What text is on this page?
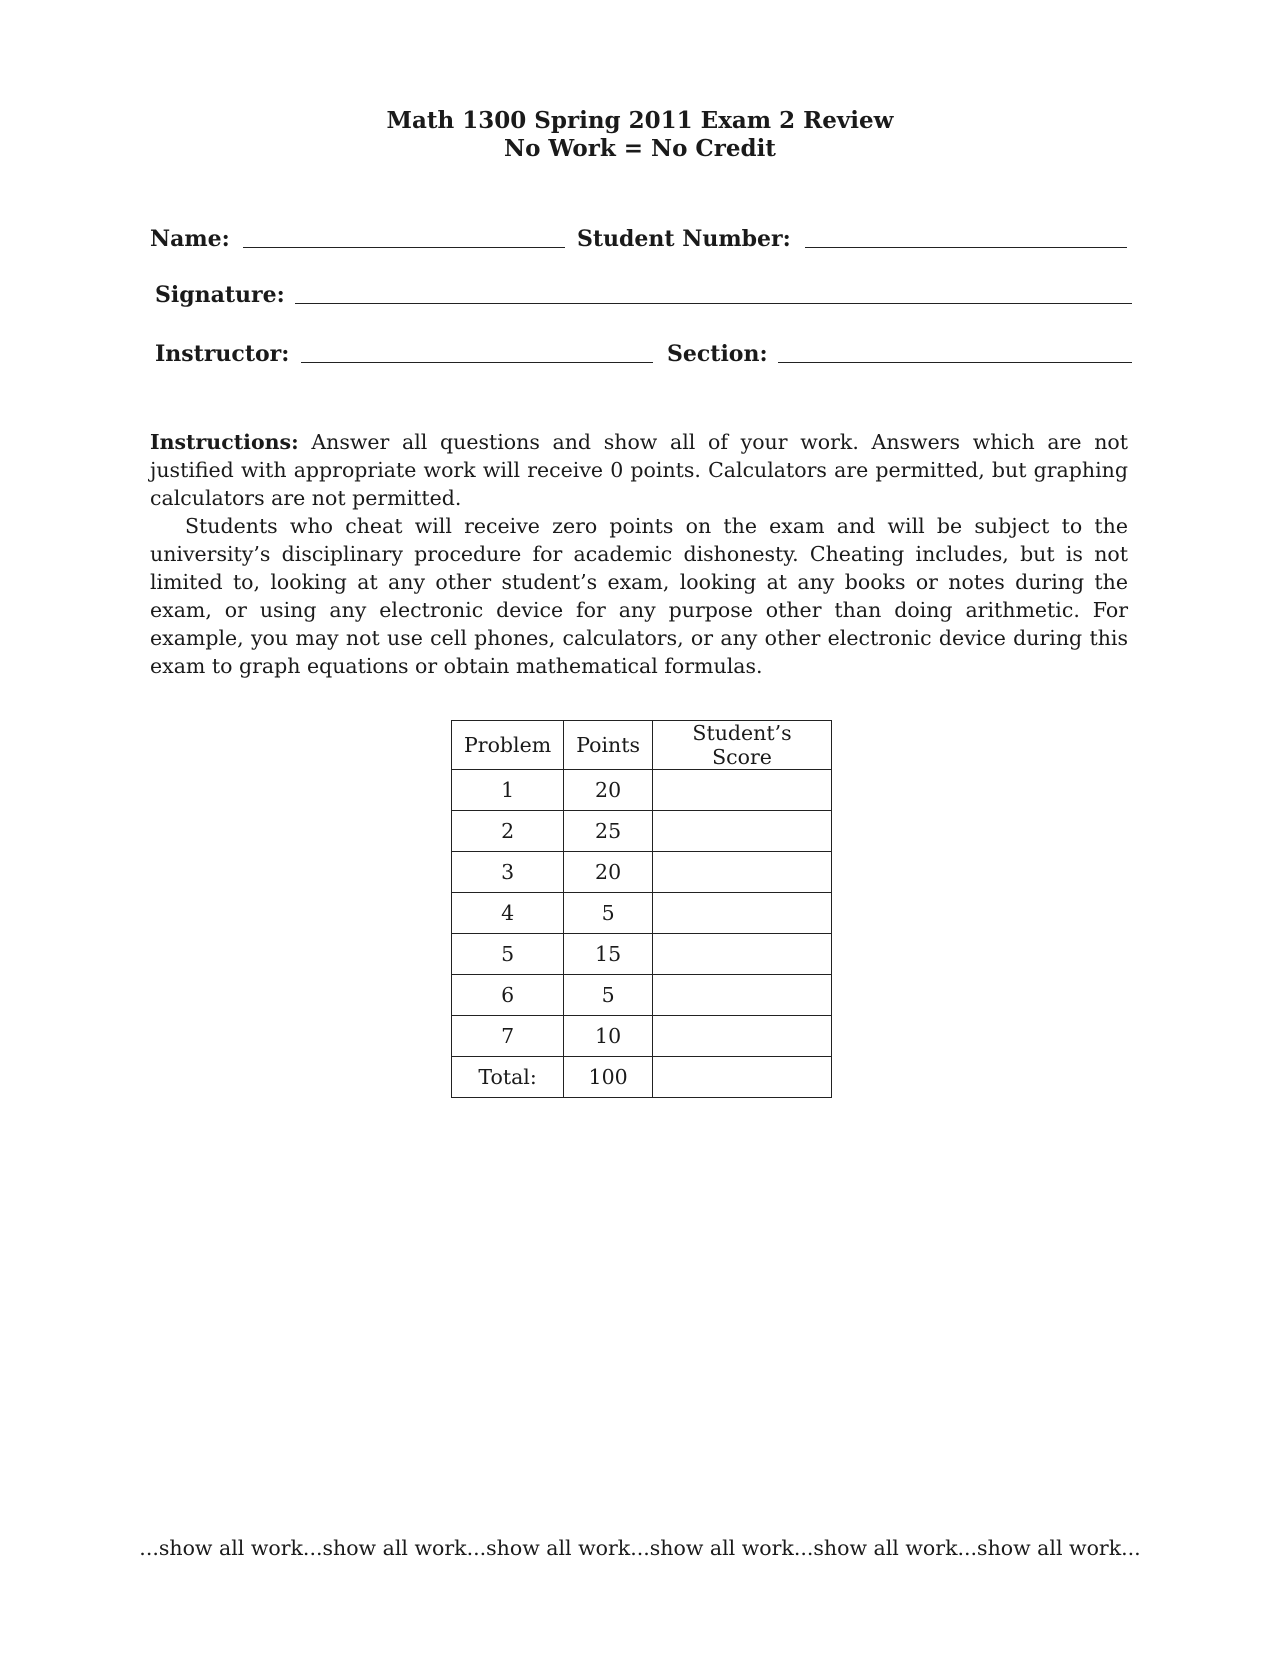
Math 1300 Spring 2011 Exam 2 Review
No Work = No Credit
Name:	Student Number:
Signature:
Instructor:	Section:

Instructions: Answer all questions and show all of your work. Answers which are not justified with appropriate work will receive 0 points. Calculators are permitted, but graphing calculators are not permitted.

Students who cheat will receive zero points on the exam and will be subject to the university’s disciplinary procedure for academic dishonesty. Cheating includes, but is not limited to, looking at any other student’s exam, looking at any books or notes during the exam, or using any electronic device for any purpose other than doing arithmetic. For example, you may not use cell phones, calculators, or any other electronic device during this exam to graph equations or obtain mathematical formulas.

Problem	Points	Student’s Score
1	20	
2	25	
3	20	
4	5	
5	15	
6	5	
7	10	
Total:	100	
...show all work...show all work...show all work...show all work...show all work...show all work...
